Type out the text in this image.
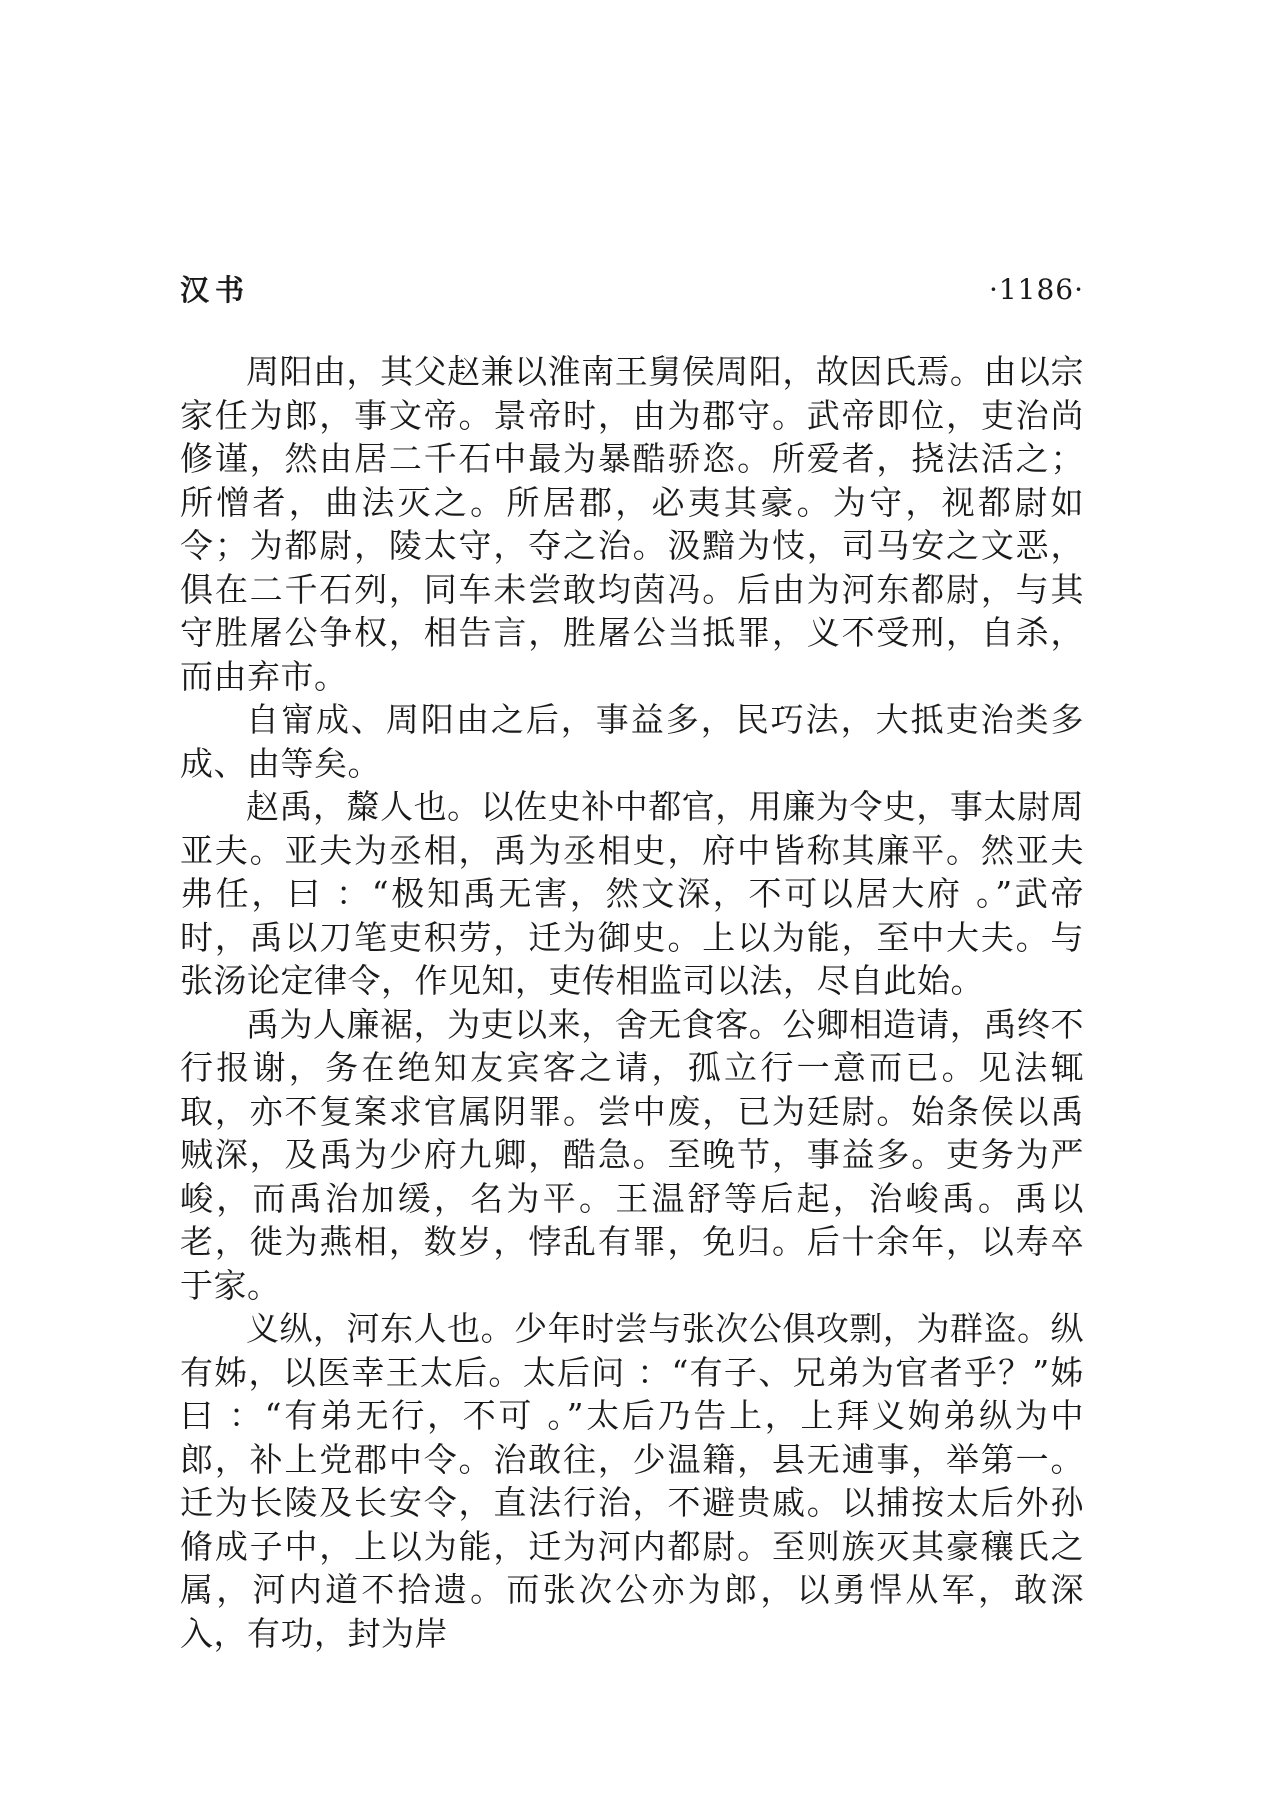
汉书	·1186·

周阳由，其父赵兼以淮南王舅侯周阳，故因氏焉。由以宗家任为郎，事文帝。景帝时，由为郡守。武帝即位，吏治尚修谨，然由居二千石中最为暴酷骄恣。所爱者，挠法活之；所憎者，曲法灭之。所居郡，必夷其豪。为守，视都尉如令；为都尉，陵太守，夺之治。汲黯为忮，司马安之文恶，俱在二千石列，同车未尝敢均茵冯。后由为河东都尉，与其守胜屠公争权，相告言，胜屠公当抵罪，义不受刑，自杀，而由弃市。

自甯成、周阳由之后，事益多，民巧法，大抵吏治类多成、由等矣。

赵禹，斄人也。以佐史补中都官，用廉为令史，事太尉周亚夫。亚夫为丞相，禹为丞相史，府中皆称其廉平。然亚夫弗任，曰 ：“极知禹无害，然文深，不可以居大府 。”武帝时，禹以刀笔吏积劳，迁为御史。上以为能，至中大夫。与张汤论定律令，作见知，吏传相监司以法，尽自此始。

禹为人廉裾，为吏以来，舍无食客。公卿相造请，禹终不行报谢，务在绝知友宾客之请，孤立行一意而已。见法辄取，亦不复案求官属阴罪。尝中废，已为廷尉。始条侯以禹贼深，及禹为少府九卿，酷急。至晚节，事益多。吏务为严峻，而禹治加缓，名为平。王温舒等后起，治峻禹。禹以老，徙为燕相，数岁，悖乱有罪，免归。后十余年，以寿卒于家。

义纵，河东人也。少年时尝与张次公俱攻剽，为群盗。纵有姊，以医幸王太后。太后问 ：“有子、兄弟为官者乎？”姊曰 ：“有弟无行，不可 。”太后乃告上，上拜义姁弟纵为中郎，补上党郡中令。治敢往，少温籍，县无逋事，举第一。迁为长陵及长安令，直法行治，不避贵戚。以捕按太后外孙脩成子中，上以为能，迁为河内都尉。至则族灭其豪穰氏之属，河内道不拾遗。而张次公亦为郎，以勇悍从军，敢深入，有功，封为岸
